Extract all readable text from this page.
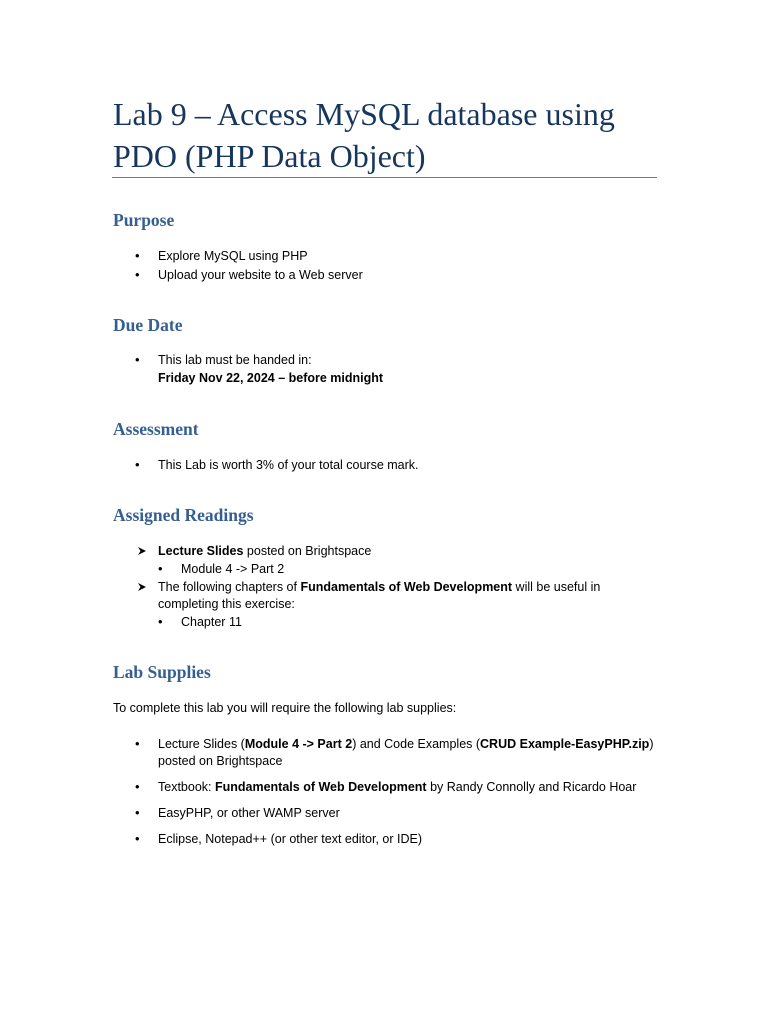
Lab 9 – Access MySQL database using PDO (PHP Data Object)
Purpose
• Explore MySQL using PHP
• Upload your website to a Web server
Due Date
• This lab must be handed in:
Friday Nov 22, 2024 – before midnight
Assessment
• This Lab is worth 3% of your total course mark.
Assigned Readings
Lecture Slides posted on Brightspace
• Module 4 -> Part 2
The following chapters of Fundamentals of Web Development will be useful in
completing this exercise:
• Chapter 11
Lab Supplies
To complete this lab you will require the following lab supplies:
• Lecture Slides (Module 4 -> Part 2) and Code Examples (CRUD Example-EasyPHP.zip)
posted on Brightspace
• Textbook: Fundamentals of Web Development by Randy Connolly and Ricardo Hoar
• EasyPHP, or other WAMP server
• Eclipse, Notepad++ (or other text editor, or IDE)
